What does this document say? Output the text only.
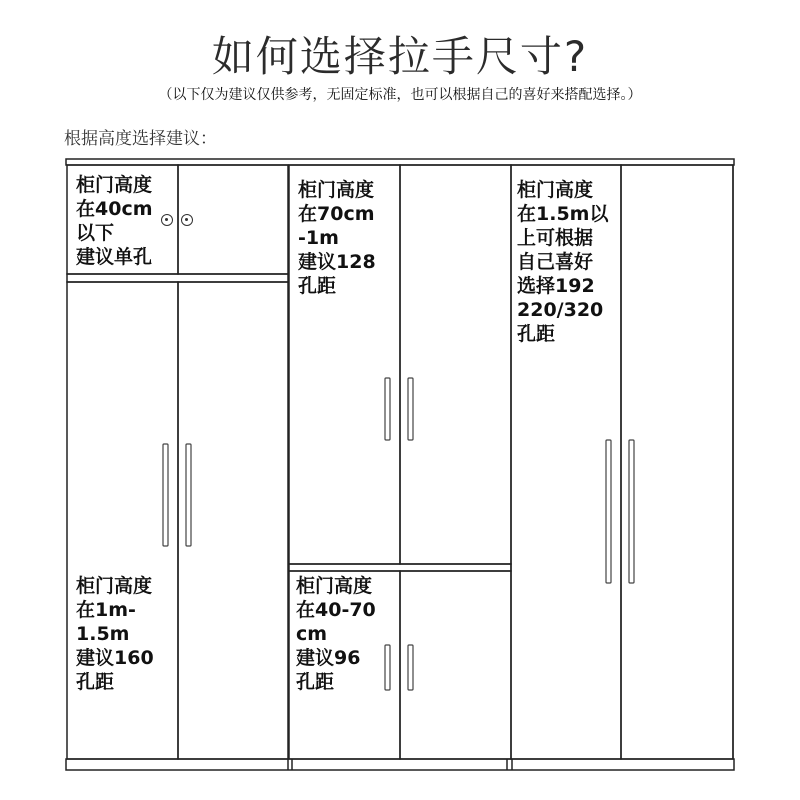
如何选择拉手尺寸?
（以下仅为建议仅供参考，无固定标准，也可以根据自己的喜好来搭配选择。）
根据高度选择建议：
柜门高度
在40cm
以下
建议单孔
柜门高度
在70cm
-1m
建议128
孔距
柜门高度
在1.5m以
上可根据
自己喜好
选择192
220/320
孔距
柜门高度
在1m-
1.5m
建议160
孔距
柜门高度
在40-70
cm
建议96
孔距
